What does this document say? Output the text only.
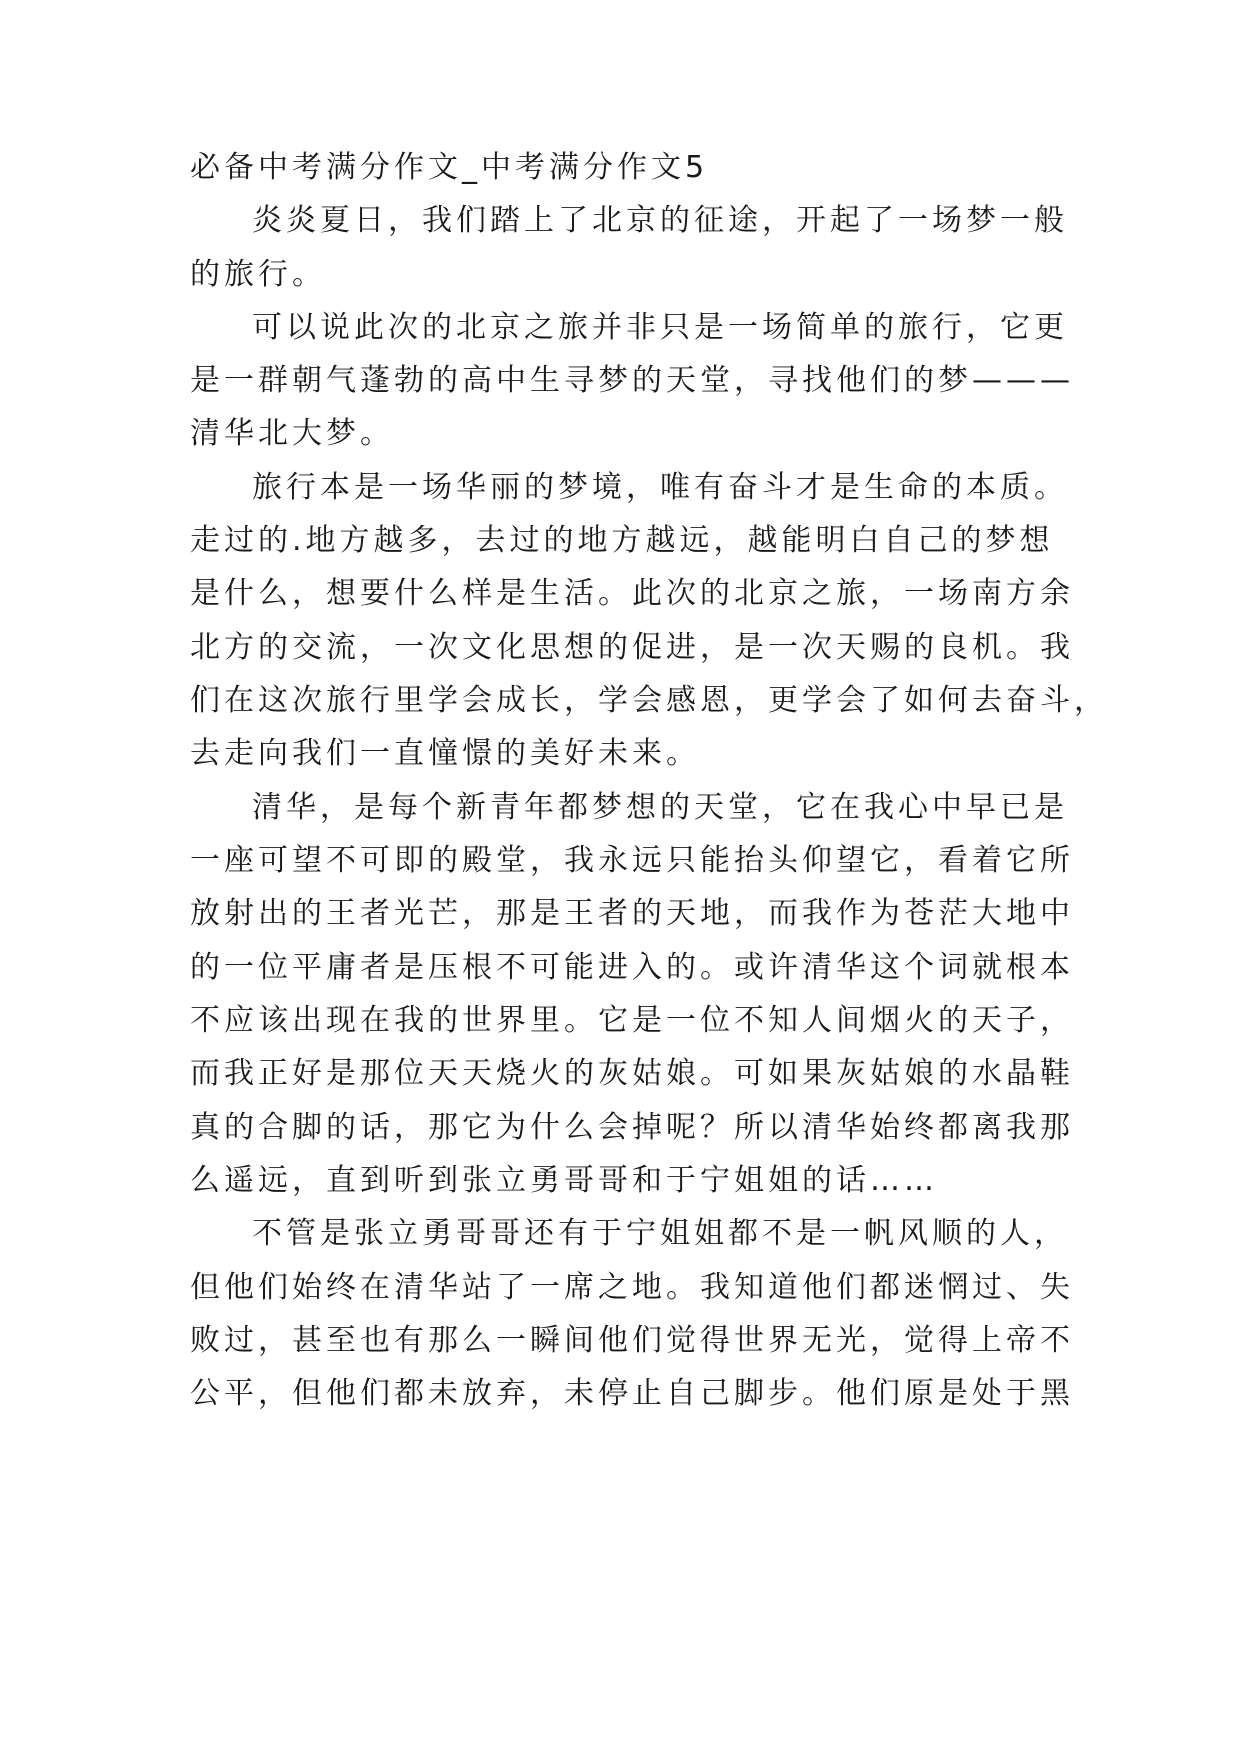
必备中考满分作文_中考满分作文5
炎炎夏日，我们踏上了北京的征途，开起了一场梦一般
的旅行。
可以说此次的北京之旅并非只是一场简单的旅行，它更
是一群朝气蓬勃的高中生寻梦的天堂，寻找他们的梦———
清华北大梦。
旅行本是一场华丽的梦境，唯有奋斗才是生命的本质。
走过的.地方越多，去过的地方越远，越能明白自己的梦想
是什么，想要什么样是生活。此次的北京之旅，一场南方余
北方的交流，一次文化思想的促进，是一次天赐的良机。我
们在这次旅行里学会成长，学会感恩，更学会了如何去奋斗，
去走向我们一直憧憬的美好未来。
清华，是每个新青年都梦想的天堂，它在我心中早已是
一座可望不可即的殿堂，我永远只能抬头仰望它，看着它所
放射出的王者光芒，那是王者的天地，而我作为苍茫大地中
的一位平庸者是压根不可能进入的。或许清华这个词就根本
不应该出现在我的世界里。它是一位不知人间烟火的天子，
而我正好是那位天天烧火的灰姑娘。可如果灰姑娘的水晶鞋
真的合脚的话，那它为什么会掉呢？所以清华始终都离我那
么遥远，直到听到张立勇哥哥和于宁姐姐的话……
不管是张立勇哥哥还有于宁姐姐都不是一帆风顺的人，
但他们始终在清华站了一席之地。我知道他们都迷惘过、失
败过，甚至也有那么一瞬间他们觉得世界无光，觉得上帝不
公平，但他们都未放弃，未停止自己脚步。他们原是处于黑
